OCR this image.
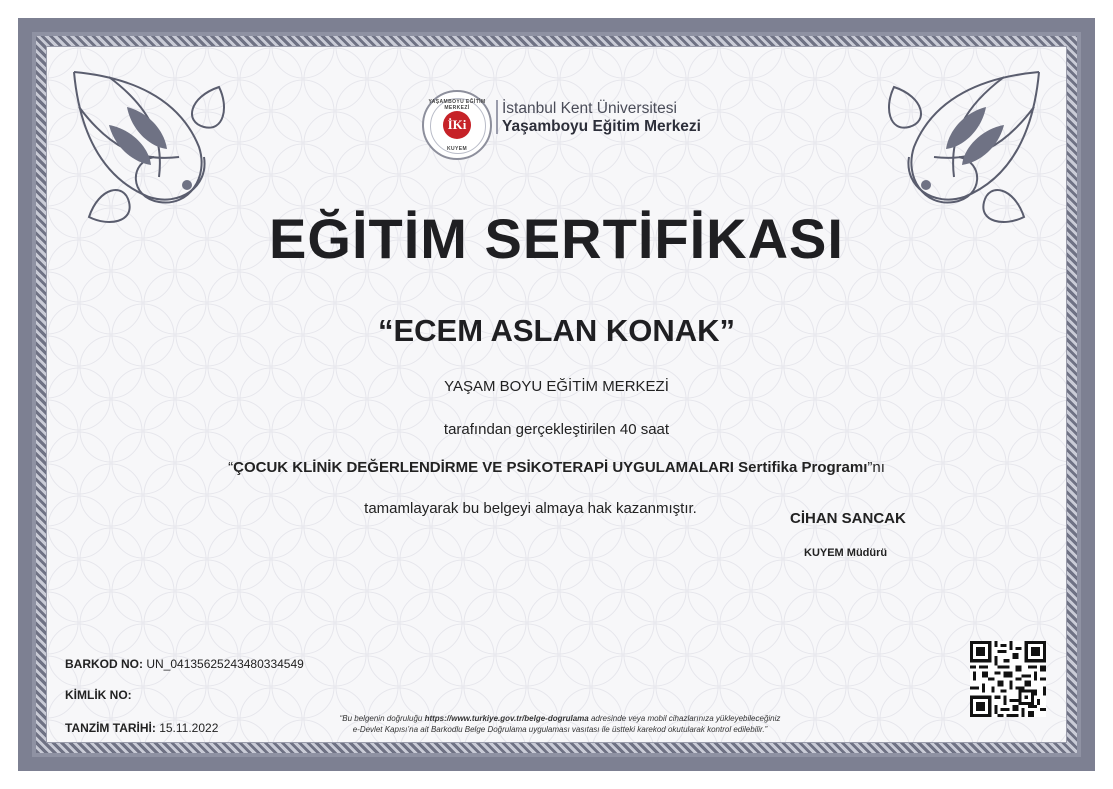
YAŞAMBOYU EĞİTİM MERKEZİ
İKi
KUYEM
İstanbul Kent Üniversitesi
Yaşamboyu Eğitim Merkezi
EĞİTİM SERTİFİKASI
“ECEM ASLAN KONAK”
YAŞAM BOYU EĞİTİM MERKEZİ
tarafından gerçekleştirilen 40 saat
“ÇOCUK KLİNİK DEĞERLENDİRME VE PSİKOTERAPİ UYGULAMALARI Sertifika Programı”nı
tamamlayarak bu belgeyi almaya hak kazanmıştır.
CİHAN SANCAK
KUYEM Müdürü
BARKOD NO: UN_04135625243480334549
KİMLİK NO:
TANZİM TARİHİ: 15.11.2022
“Bu belgenin doğruluğu https://www.turkiye.gov.tr/belge-dogrulama adresinde veya mobil cihazlarınıza yükleyebileceğiniz
e-Devlet Kapısı’na ait Barkodlu Belge Doğrulama uygulaması vasıtası ile üstteki karekod okutularak kontrol edilebilir.”
